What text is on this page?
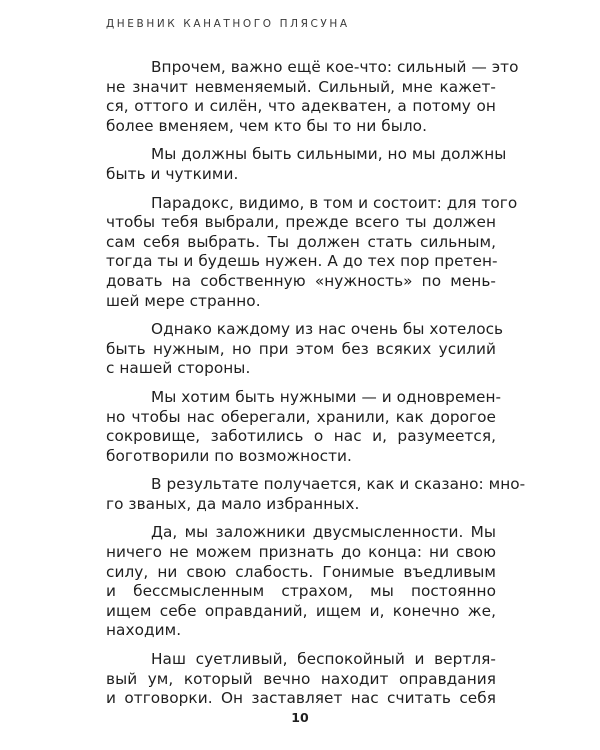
ДНЕВНИК КАНАТНОГО ПЛЯСУНА
Впрочем, важно ещё кое-что: сильный — это
не значит невменяемый. Сильный, мне кажет-
ся, оттого и силён, что адекватен, а потому он
более вменяем, чем кто бы то ни было.
Мы должны быть сильными, но мы должны
быть и чуткими.
Парадокс, видимо, в том и состоит: для того
чтобы тебя выбрали, прежде всего ты должен
сам себя выбрать. Ты должен стать сильным,
тогда ты и будешь нужен. А до тех пор претен-
довать на собственную «нужность» по мень-
шей мере странно.
Однако каждому из нас очень бы хотелось
быть нужным, но при этом без всяких усилий
с нашей стороны.
Мы хотим быть нужными — и одновремен-
но чтобы нас оберегали, хранили, как дорогое
сокровище, заботились о нас и, разумеется,
боготворили по возможности.
В результате получается, как и сказано: мно-
го званых, да мало избранных.
Да, мы заложники двусмысленности. Мы
ничего не можем признать до конца: ни свою
силу, ни свою слабость. Гонимые въедливым
и бессмысленным страхом, мы постоянно
ищем себе оправданий, ищем и, конечно же,
находим.
Наш суетливый, беспокойный и вертля-
вый ум, который вечно находит оправдания
и отговорки. Он заставляет нас считать себя
10
